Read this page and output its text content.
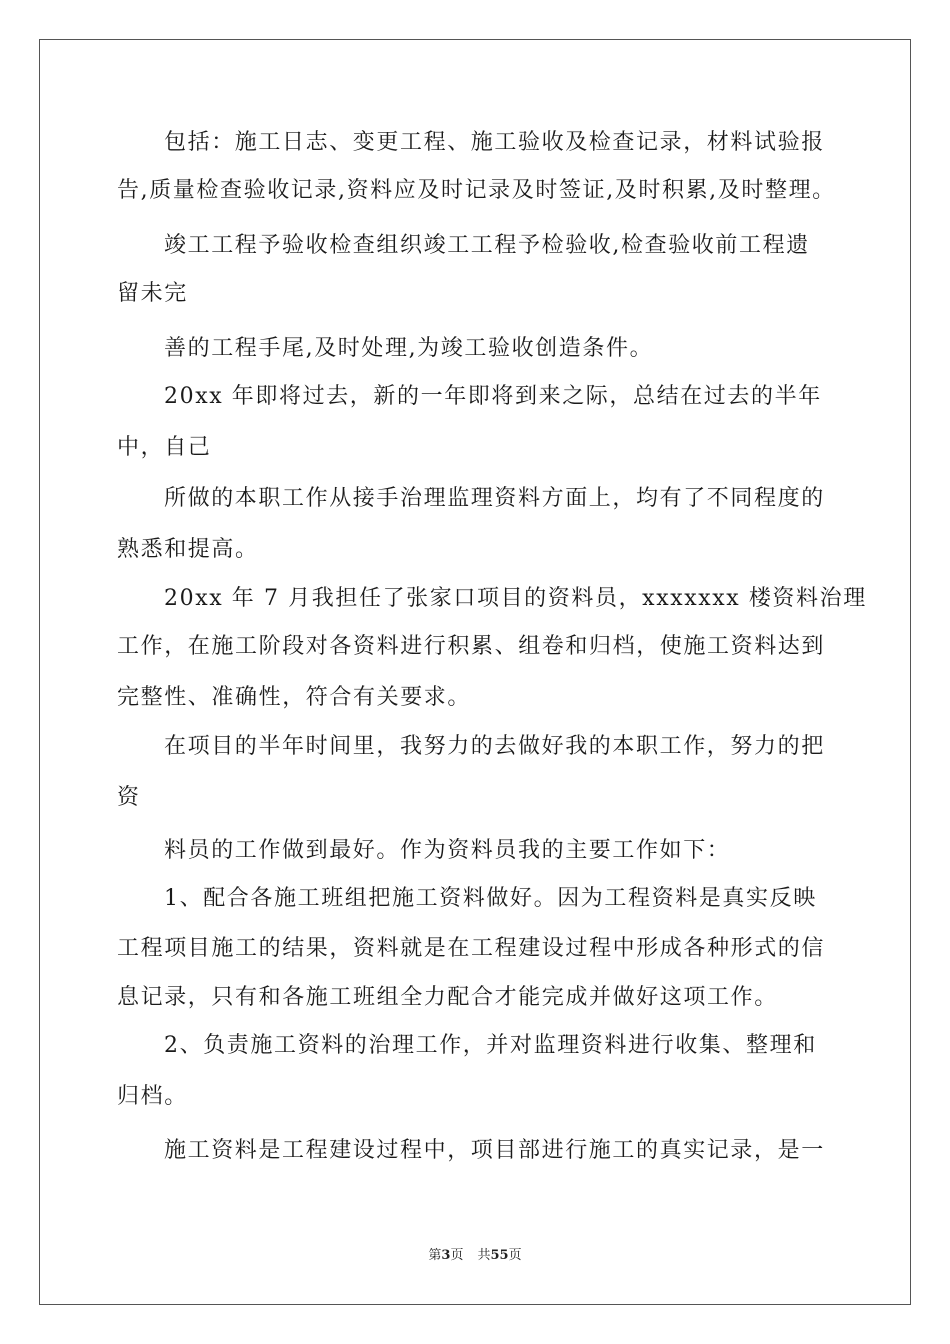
包括：施工日志、变更工程、施工验收及检查记录，材料试验报
告,质量检查验收记录,资料应及时记录及时签证,及时积累,及时整理。
竣工工程予验收检查组织竣工工程予检验收,检查验收前工程遗
留未完
善的工程手尾,及时处理,为竣工验收创造条件。
20xx 年即将过去，新的一年即将到来之际，总结在过去的半年
中，自己
所做的本职工作从接手治理监理资料方面上，均有了不同程度的
熟悉和提高。
20xx 年 7 月我担任了张家口项目的资料员，xxxxxxx 楼资料治理
工作，在施工阶段对各资料进行积累、组卷和归档，使施工资料达到
完整性、准确性，符合有关要求。
在项目的半年时间里，我努力的去做好我的本职工作，努力的把
资
料员的工作做到最好。作为资料员我的主要工作如下：
1、配合各施工班组把施工资料做好。因为工程资料是真实反映
工程项目施工的结果，资料就是在工程建设过程中形成各种形式的信
息记录，只有和各施工班组全力配合才能完成并做好这项工作。
2、负责施工资料的治理工作，并对监理资料进行收集、整理和
归档。
施工资料是工程建设过程中，项目部进行施工的真实记录，是一
第3页 共55页
